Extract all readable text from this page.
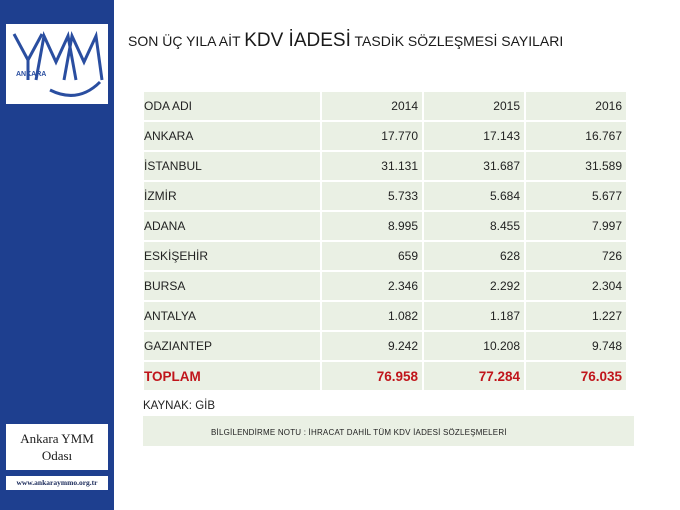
ANKARA
Ankara YMM
Odası
www.ankaraymmo.org.tr
SON ÜÇ YILA AİT KDV İADESİ TASDİK SÖZLEŞMESİ SAYILARI
ODA ADI	2014	2015	2016
ANKARA	17.770	17.143	16.767
İSTANBUL	31.131	31.687	31.589
İZMİR	5.733	5.684	5.677
ADANA	8.995	8.455	7.997
ESKİŞEHİR	659	628	726
BURSA	2.346	2.292	2.304
ANTALYA	1.082	1.187	1.227
GAZIANTEP	9.242	10.208	9.748
TOPLAM	76.958	77.284	76.035
KAYNAK: GİB
BİLGİLENDİRME NOTU : İHRACAT DAHİL TÜM KDV İADESİ SÖZLEŞMELERİ
